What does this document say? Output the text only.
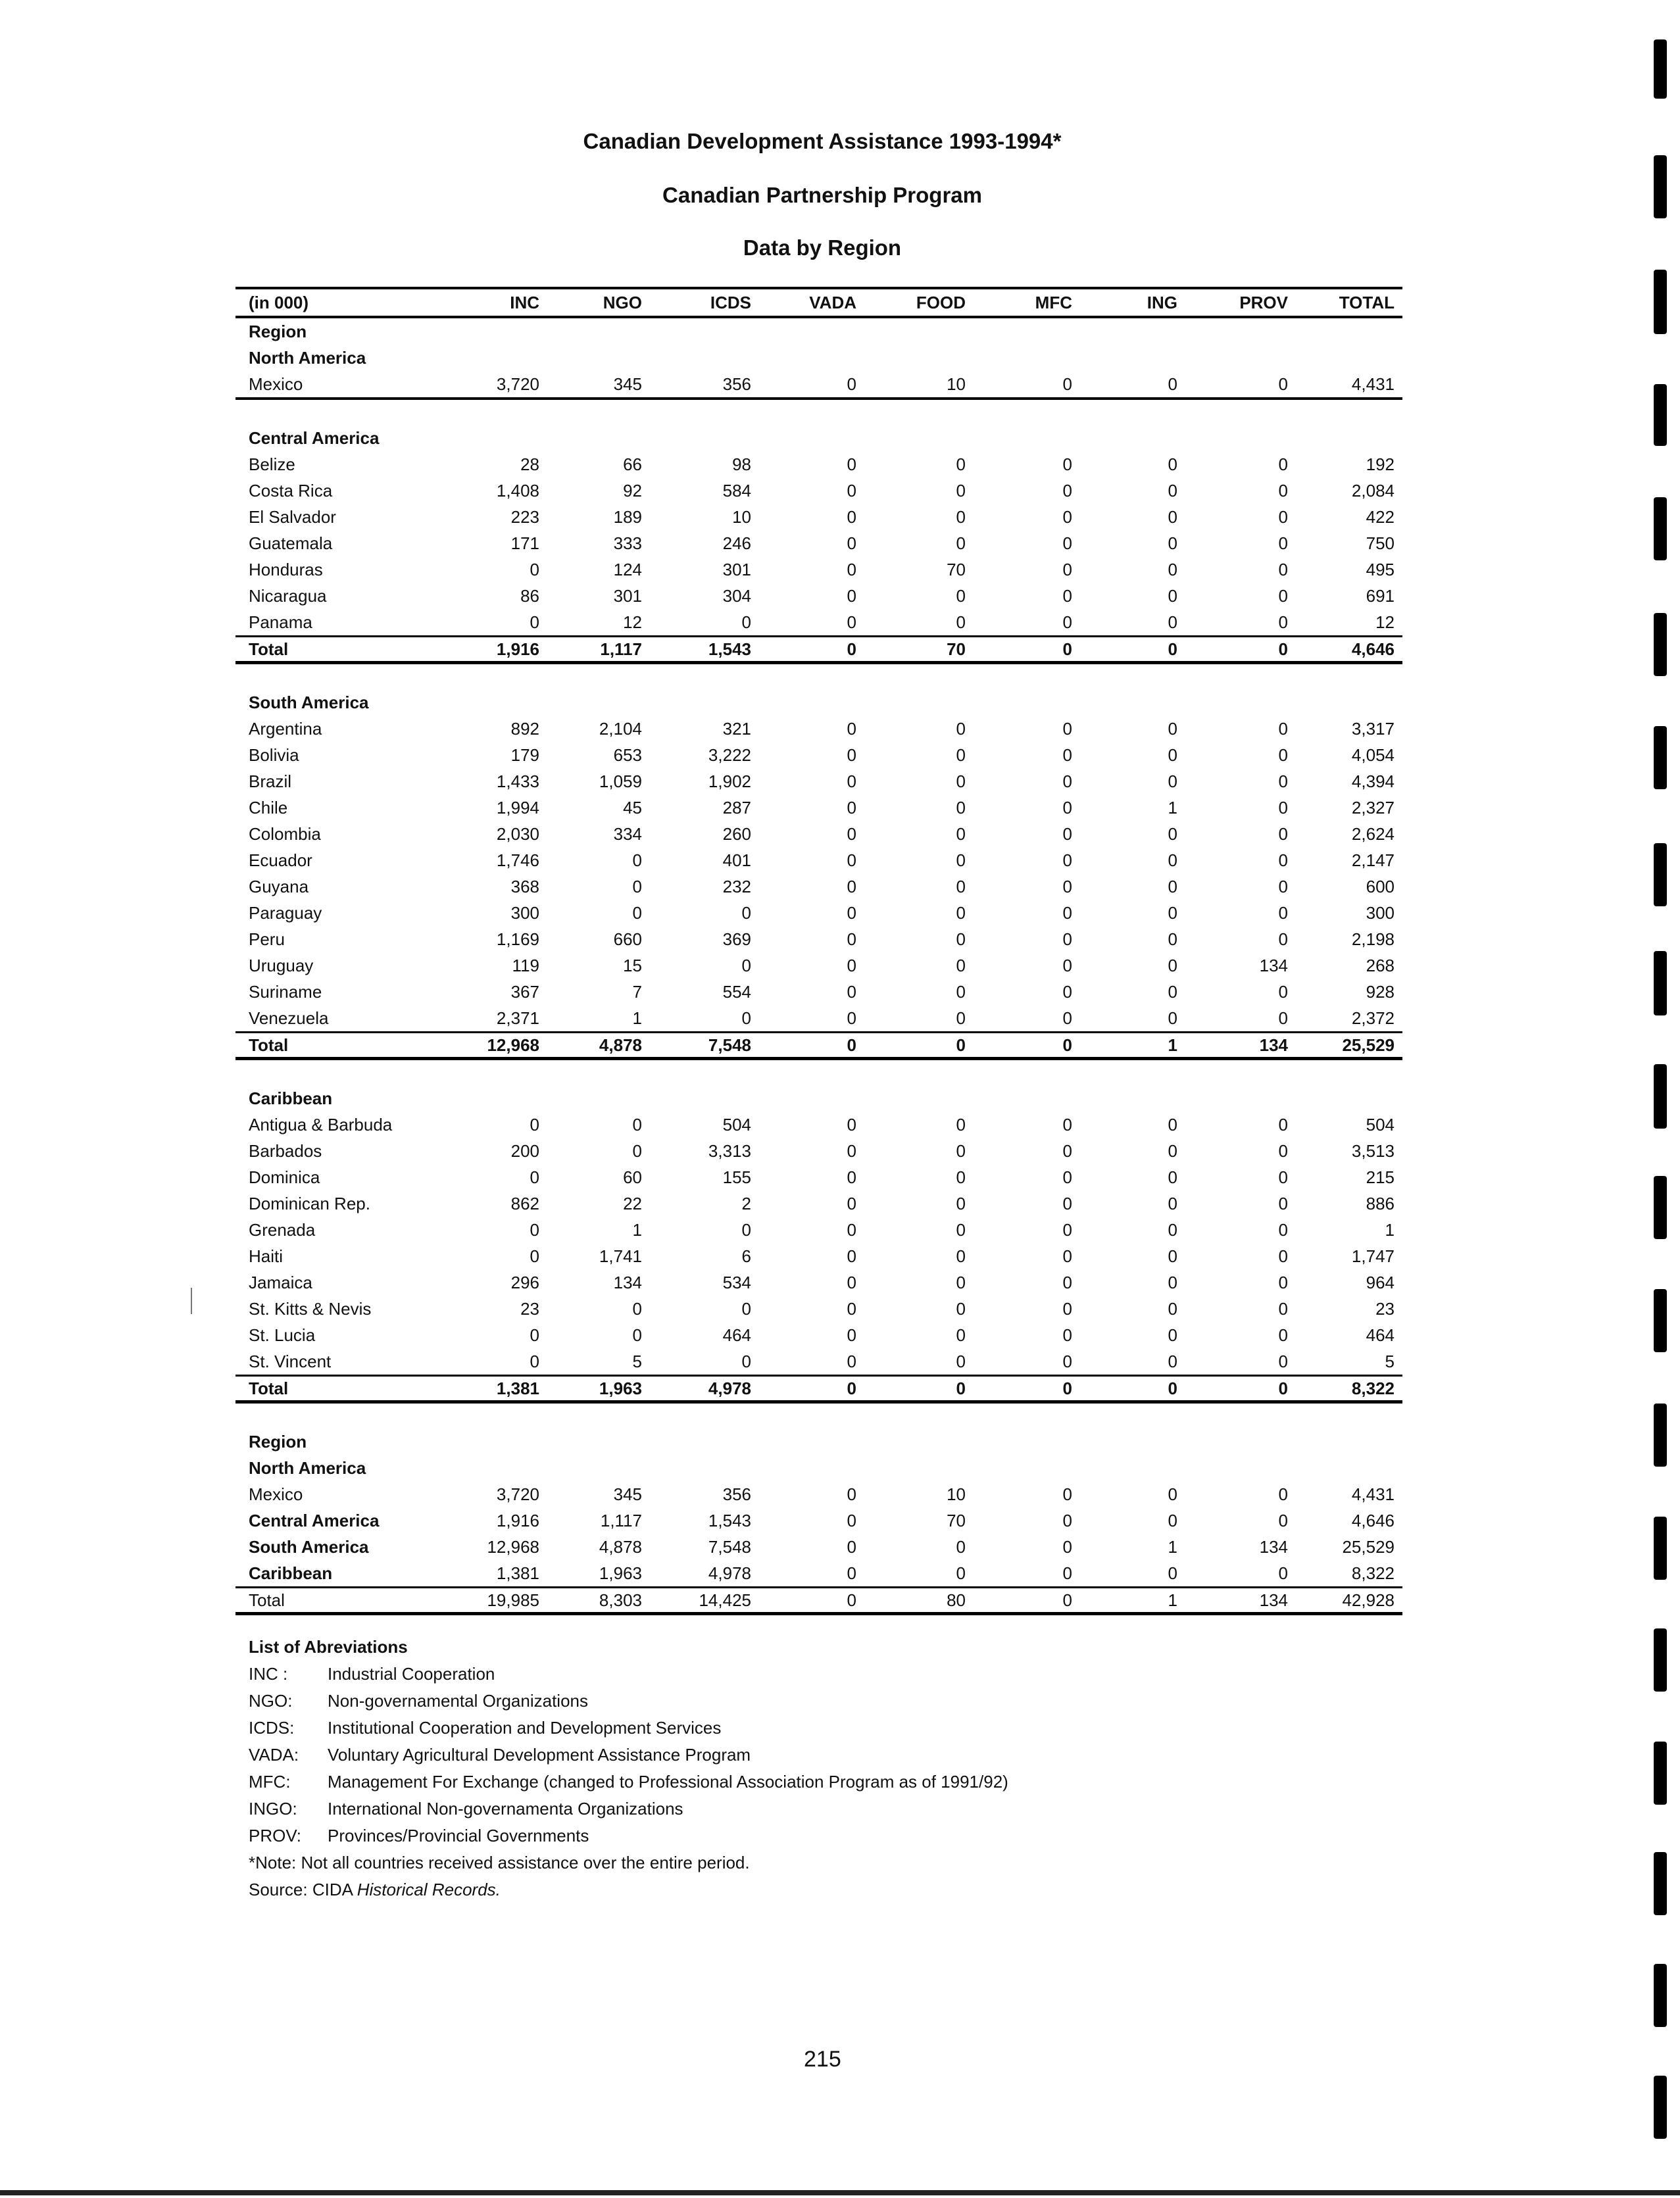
Canadian Development Assistance 1993-1994*
Canadian Partnership Program
Data by Region
(in 000)	INC	NGO	ICDS	VADA	FOOD	MFC	ING	PROV	TOTAL
Region
North America
Mexico	3,720	345	356	0	10	0	0	0	4,431
Central America
Belize	28	66	98	0	0	0	0	0	192
Costa Rica	1,408	92	584	0	0	0	0	0	2,084
El Salvador	223	189	10	0	0	0	0	0	422
Guatemala	171	333	246	0	0	0	0	0	750
Honduras	0	124	301	0	70	0	0	0	495
Nicaragua	86	301	304	0	0	0	0	0	691
Panama	0	12	0	0	0	0	0	0	12
Total	1,916	1,117	1,543	0	70	0	0	0	4,646
South America
Argentina	892	2,104	321	0	0	0	0	0	3,317
Bolivia	179	653	3,222	0	0	0	0	0	4,054
Brazil	1,433	1,059	1,902	0	0	0	0	0	4,394
Chile	1,994	45	287	0	0	0	1	0	2,327
Colombia	2,030	334	260	0	0	0	0	0	2,624
Ecuador	1,746	0	401	0	0	0	0	0	2,147
Guyana	368	0	232	0	0	0	0	0	600
Paraguay	300	0	0	0	0	0	0	0	300
Peru	1,169	660	369	0	0	0	0	0	2,198
Uruguay	119	15	0	0	0	0	0	134	268
Suriname	367	7	554	0	0	0	0	0	928
Venezuela	2,371	1	0	0	0	0	0	0	2,372
Total	12,968	4,878	7,548	0	0	0	1	134	25,529
Caribbean
Antigua & Barbuda	0	0	504	0	0	0	0	0	504
Barbados	200	0	3,313	0	0	0	0	0	3,513
Dominica	0	60	155	0	0	0	0	0	215
Dominican Rep.	862	22	2	0	0	0	0	0	886
Grenada	0	1	0	0	0	0	0	0	1
Haiti	0	1,741	6	0	0	0	0	0	1,747
Jamaica	296	134	534	0	0	0	0	0	964
St. Kitts & Nevis	23	0	0	0	0	0	0	0	23
St. Lucia	0	0	464	0	0	0	0	0	464
St. Vincent	0	5	0	0	0	0	0	0	5
Total	1,381	1,963	4,978	0	0	0	0	0	8,322
Region
North America
Mexico	3,720	345	356	0	10	0	0	0	4,431
Central America	1,916	1,117	1,543	0	70	0	0	0	4,646
South America	12,968	4,878	7,548	0	0	0	1	134	25,529
Caribbean	1,381	1,963	4,978	0	0	0	0	0	8,322
Total	19,985	8,303	14,425	0	80	0	1	134	42,928
List of Abreviations
INC : Industrial Cooperation
NGO: Non-governamental Organizations
ICDS: Institutional Cooperation and Development Services
VADA: Voluntary Agricultural Development Assistance Program
MFC: Management For Exchange (changed to Professional Association Program as of 1991/92)
INGO: International Non-governamenta Organizations
PROV: Provinces/Provincial Governments
*Note: Not all countries received assistance over the entire period.
Source: CIDA Historical Records.
215
